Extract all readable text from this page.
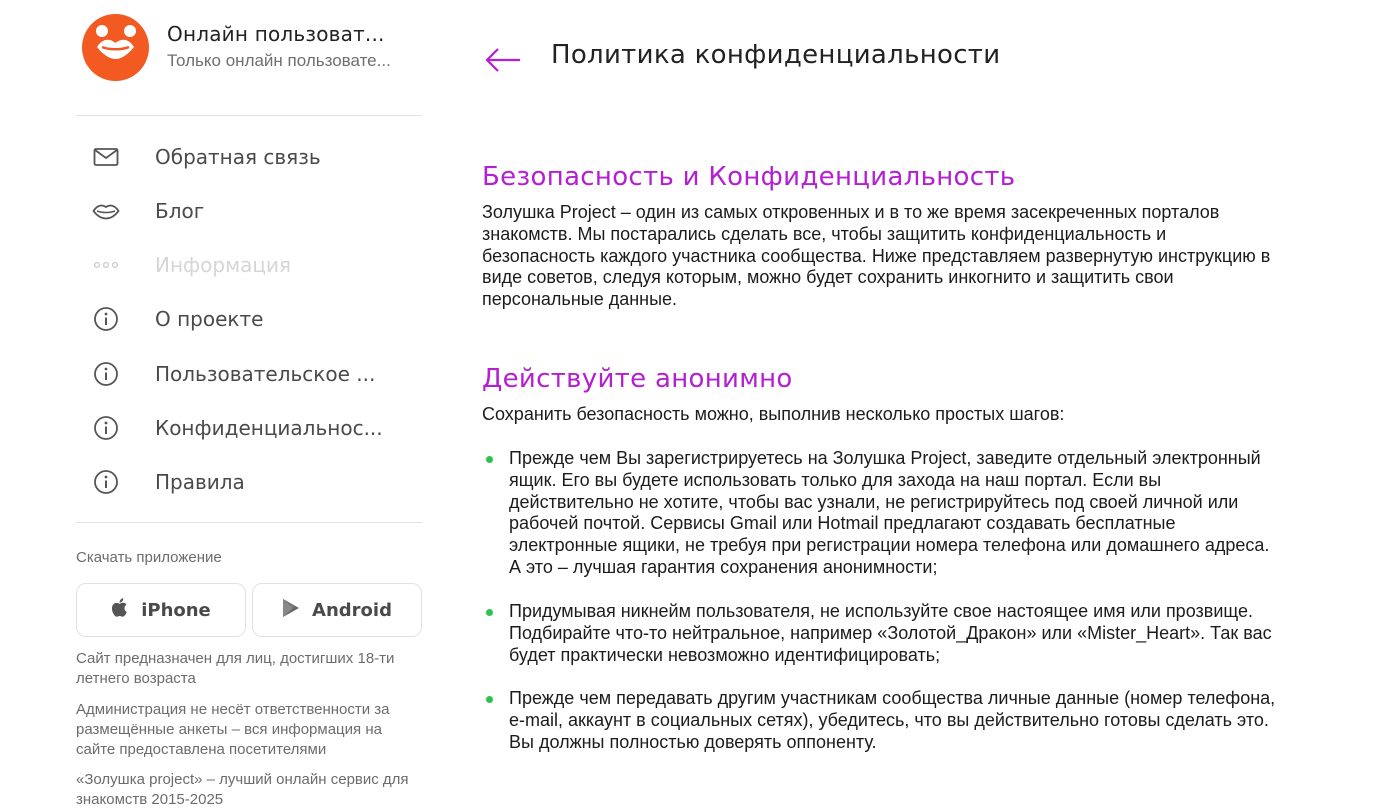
Онлайн пользоват...
Только онлайн пользовате...
Обратная связь
Блог
Информация
О проекте
Пользовательское ...
Конфиденциальнос...
Правила
Скачать приложение
iPhone	Android
Сайт предназначен для лиц, достигших 18-ти летнего возраста
Администрация не несёт ответственности за размещённые анкеты – вся информация на сайте предоставлена посетителями
«Золушка project» – лучший онлайн сервис для знакомств 2015-2025
Политика конфиденциальности
Безопасность и Конфиденциальность
Золушка Project – один из самых откровенных и в то же время засекреченных порталов знакомств. Мы постарались сделать все, чтобы защитить конфиденциальность и безопасность каждого участника сообщества. Ниже представляем развернутую инструкцию в виде советов, следуя которым, можно будет сохранить инкогнито и защитить свои персональные данные.
Действуйте анонимно
Сохранить безопасность можно, выполнив несколько простых шагов:
Прежде чем Вы зарегистрируетесь на Золушка Project, заведите отдельный электронный ящик. Его вы будете использовать только для захода на наш портал. Если вы действительно не хотите, чтобы вас узнали, не регистрируйтесь под своей личной или рабочей почтой. Сервисы Gmail или Hotmail предлагают создавать бесплатные электронные ящики, не требуя при регистрации номера телефона или домашнего адреса. А это – лучшая гарантия сохранения анонимности;
Придумывая никнейм пользователя, не используйте свое настоящее имя или прозвище. Подбирайте что-то нейтральное, например «Золотой_Дракон» или «Mister_Heart». Так вас будет практически невозможно идентифицировать;
Прежде чем передавать другим участникам сообщества личные данные (номер телефона, e-mail, аккаунт в социальных сетях), убедитесь, что вы действительно готовы сделать это. Вы должны полностью доверять оппоненту.
